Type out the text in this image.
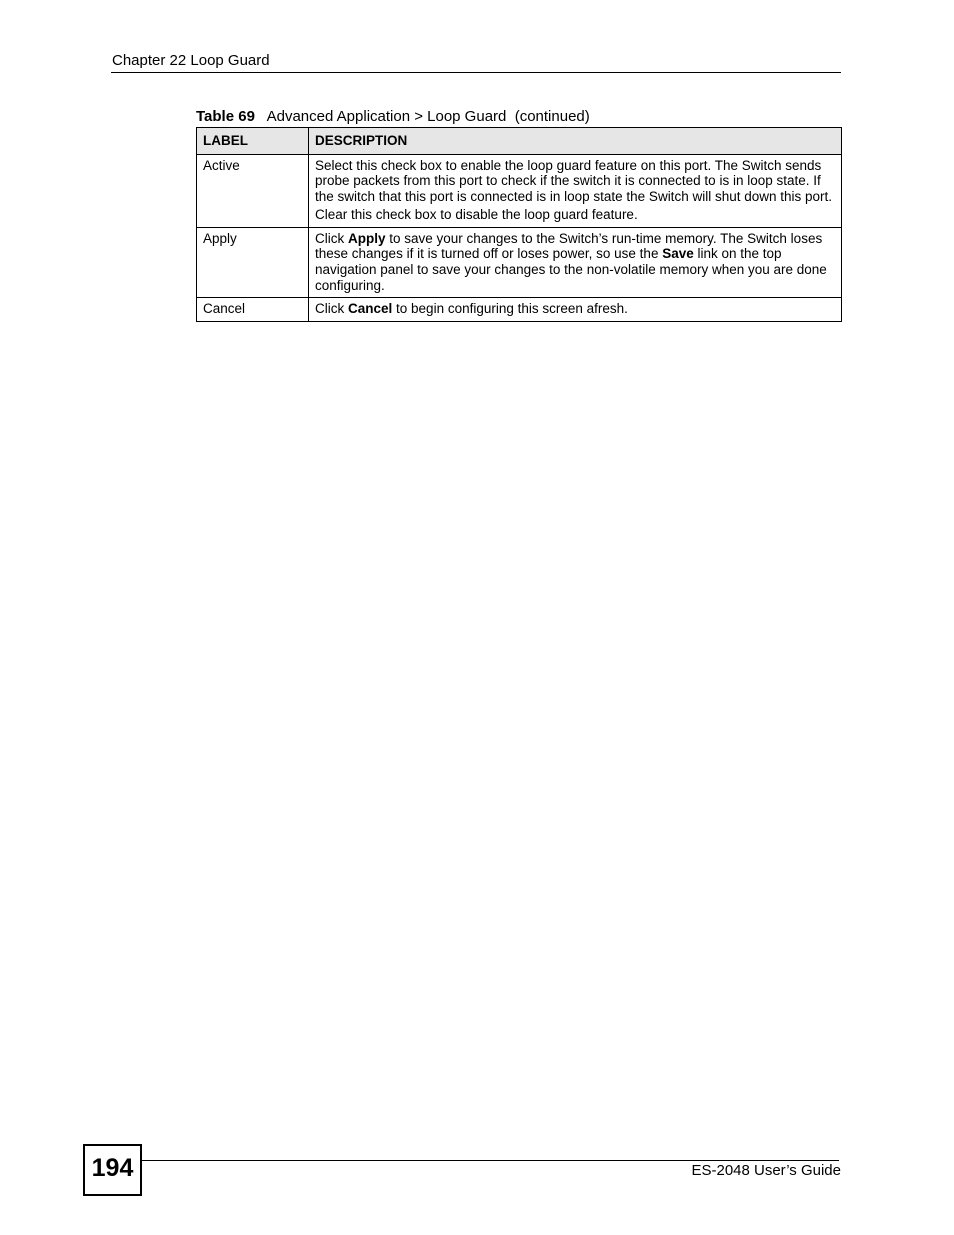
Chapter 22 Loop Guard
Table 69 Advanced Application > Loop Guard  (continued)
LABEL	DESCRIPTION
Active	Select this check box to enable the loop guard feature on this port. The Switch sends probe packets from this port to check if the switch it is connected to is in loop state. If the switch that this port is connected is in loop state the Switch will shut down this port.

Clear this check box to disable the loop guard feature.

Apply	Click Apply to save your changes to the Switch’s run-time memory. The Switch loses these changes if it is turned off or loses power, so use the Save link on the top navigation panel to save your changes to the non-volatile memory when you are done configuring.

Cancel	Click Cancel to begin configuring this screen afresh.

194	ES-2048 User’s Guide
